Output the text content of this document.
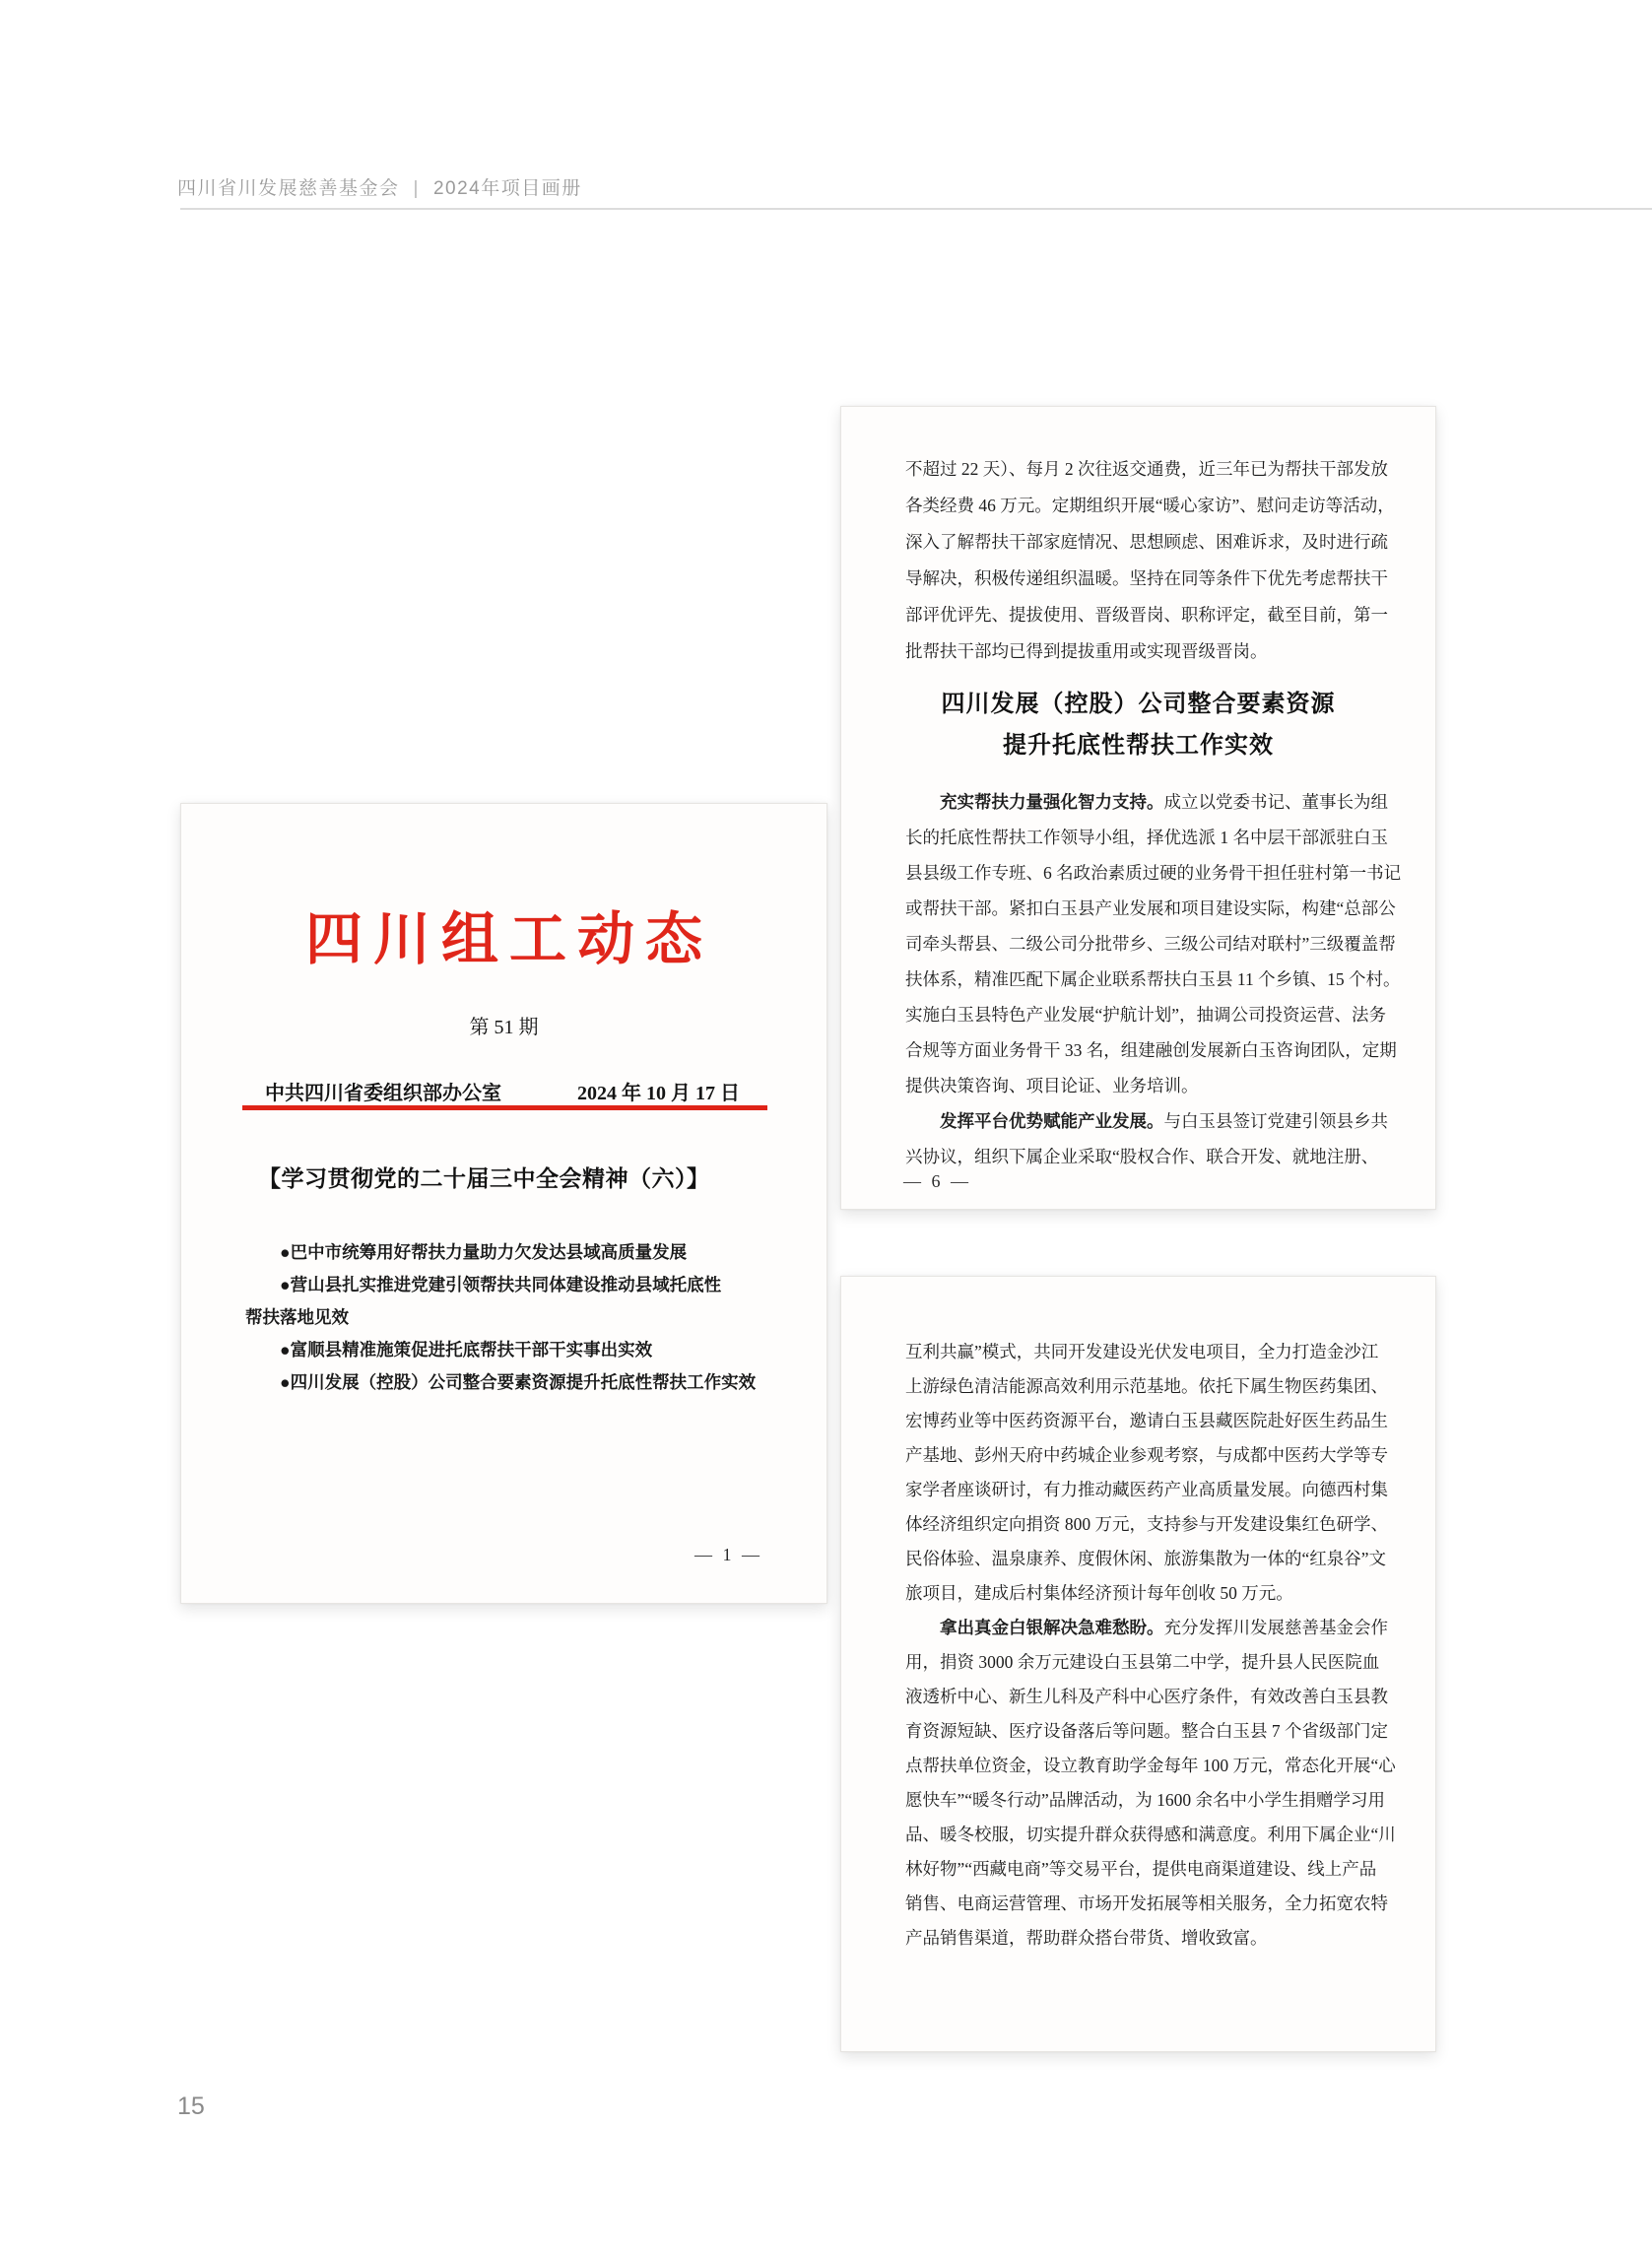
四川省川发展慈善基金会 | 2024年项目画册
四川组工动态
第 51 期
中共四川省委组织部办公室	2024 年 10 月 17 日
【学习贯彻党的二十届三中全会精神（六）】
　　●巴中市统筹用好帮扶力量助力欠发达县域高质量发展
　　●营山县扎实推进党建引领帮扶共同体建设推动县域托底性
帮扶落地见效
　　●富顺县精准施策促进托底帮扶干部干实事出实效
　　●四川发展（控股）公司整合要素资源提升托底性帮扶工作实效
— 1 —
不超过 22 天）、每月 2 次往返交通费，近三年已为帮扶干部发放
各类经费 46 万元。定期组织开展“暖心家访”、慰问走访等活动，
深入了解帮扶干部家庭情况、思想顾虑、困难诉求，及时进行疏
导解决，积极传递组织温暖。坚持在同等条件下优先考虑帮扶干
部评优评先、提拔使用、晋级晋岗、职称评定，截至目前，第一
批帮扶干部均已得到提拔重用或实现晋级晋岗。
四川发展（控股）公司整合要素资源
提升托底性帮扶工作实效
　　充实帮扶力量强化智力支持。成立以党委书记、董事长为组
长的托底性帮扶工作领导小组，择优选派 1 名中层干部派驻白玉
县县级工作专班、6 名政治素质过硬的业务骨干担任驻村第一书记
或帮扶干部。紧扣白玉县产业发展和项目建设实际，构建“总部公
司牵头帮县、二级公司分批带乡、三级公司结对联村”三级覆盖帮
扶体系，精准匹配下属企业联系帮扶白玉县 11 个乡镇、15 个村。
实施白玉县特色产业发展“护航计划”，抽调公司投资运营、法务
合规等方面业务骨干 33 名，组建融创发展新白玉咨询团队，定期
提供决策咨询、项目论证、业务培训。
　　发挥平台优势赋能产业发展。与白玉县签订党建引领县乡共
兴协议，组织下属企业采取“股权合作、联合开发、就地注册、
— 6 —
互利共赢”模式，共同开发建设光伏发电项目，全力打造金沙江
上游绿色清洁能源高效利用示范基地。依托下属生物医药集团、
宏博药业等中医药资源平台，邀请白玉县藏医院赴好医生药品生
产基地、彭州天府中药城企业参观考察，与成都中医药大学等专
家学者座谈研讨，有力推动藏医药产业高质量发展。向德西村集
体经济组织定向捐资 800 万元，支持参与开发建设集红色研学、
民俗体验、温泉康养、度假休闲、旅游集散为一体的“红泉谷”文
旅项目，建成后村集体经济预计每年创收 50 万元。
　　拿出真金白银解决急难愁盼。充分发挥川发展慈善基金会作
用，捐资 3000 余万元建设白玉县第二中学，提升县人民医院血
液透析中心、新生儿科及产科中心医疗条件，有效改善白玉县教
育资源短缺、医疗设备落后等问题。整合白玉县 7 个省级部门定
点帮扶单位资金，设立教育助学金每年 100 万元，常态化开展“心
愿快车”“暖冬行动”品牌活动，为 1600 余名中小学生捐赠学习用
品、暖冬校服，切实提升群众获得感和满意度。利用下属企业“川
林好物”“西藏电商”等交易平台，提供电商渠道建设、线上产品
销售、电商运营管理、市场开发拓展等相关服务，全力拓宽农特
产品销售渠道，帮助群众搭台带货、增收致富。
15
